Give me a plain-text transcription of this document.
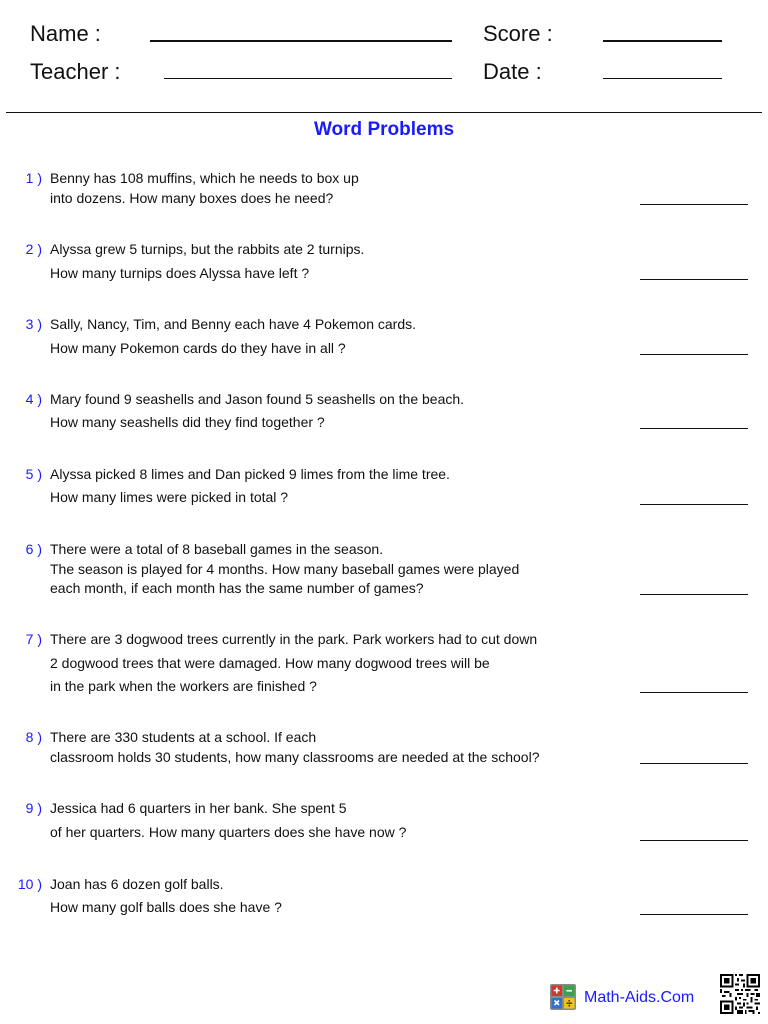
Name :
Teacher :
Score :
Date :
Word Problems
1 ) Benny has 108 muffins, which he needs to box up
into dozens. How many boxes does he need?
2 ) Alyssa grew 5 turnips, but the rabbits ate 2 turnips.
How many turnips does Alyssa have left ?
3 ) Sally, Nancy, Tim, and Benny each have 4 Pokemon cards.
How many Pokemon cards do they have in all ?
4 ) Mary found 9 seashells and Jason found 5 seashells on the beach.
How many seashells did they find together ?
5 ) Alyssa picked 8 limes and Dan picked 9 limes from the lime tree.
How many limes were picked in total ?
6 ) There were a total of 8 baseball games in the season.
The season is played for 4 months. How many baseball games were played
each month, if each month has the same number of games?
7 ) There are 3 dogwood trees currently in the park. Park workers had to cut down
2 dogwood trees that were damaged. How many dogwood trees will be
in the park when the workers are finished ?
8 ) There are 330 students at a school. If each
classroom holds 30 students, how many classrooms are needed at the school?
9 ) Jessica had 6 quarters in her bank. She spent 5
of her quarters. How many quarters does she have now ?
10 ) Joan has 6 dozen golf balls.
How many golf balls does she have ?
Math-Aids.Com
